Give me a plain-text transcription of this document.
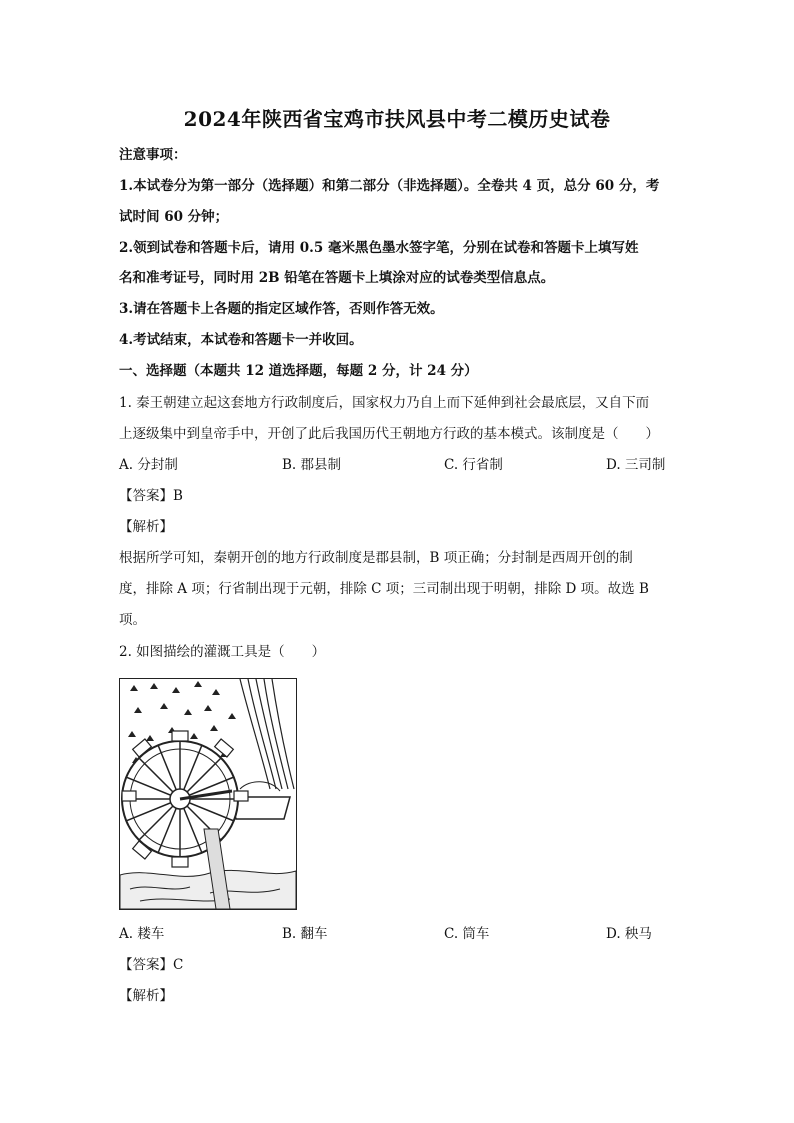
2024年陕西省宝鸡市扶风县中考二模历史试卷
注意事项：
1.本试卷分为第一部分（选择题）和第二部分（非选择题）。全卷共 4 页，总分 60 分，考
试时间 60 分钟；
2.领到试卷和答题卡后，请用 0.5 毫米黑色墨水签字笔，分别在试卷和答题卡上填写姓
名和准考证号，同时用 2B 铅笔在答题卡上填涂对应的试卷类型信息点。
3.请在答题卡上各题的指定区域作答，否则作答无效。
4.考试结束，本试卷和答题卡一并收回。
一、选择题（本题共 12 道选择题，每题 2 分，计 24 分）
1. 秦王朝建立起这套地方行政制度后，国家权力乃自上而下延伸到社会最底层，又自下而
上逐级集中到皇帝手中，开创了此后我国历代王朝地方行政的基本模式。该制度是（　　）
A. 分封制	B. 郡县制	C. 行省制	D. 三司制
【答案】B
【解析】
根据所学可知，秦朝开创的地方行政制度是郡县制，B 项正确；分封制是西周开创的制
度，排除 A 项；行省制出现于元朝，排除 C 项；三司制出现于明朝，排除 D 项。故选 B
项。
2. 如图描绘的灌溉工具是（　　）
A. 耧车	B. 翻车	C. 筒车	D. 秧马
【答案】C
【解析】
